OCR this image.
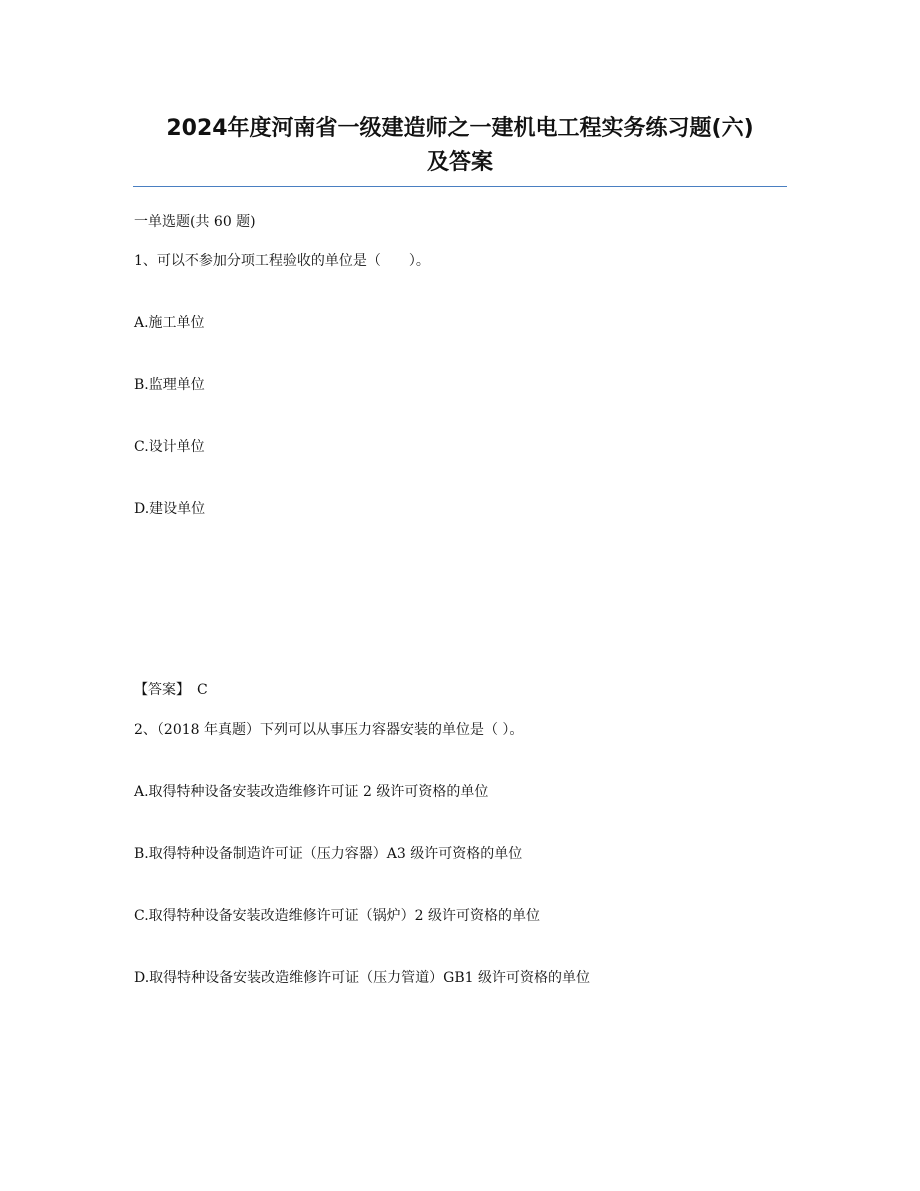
2024年度河南省一级建造师之一建机电工程实务练习题(六)
及答案
一单选题(共 60 题)
1、可以不参加分项工程验收的单位是（　　）。
A.施工单位
B.监理单位
C.设计单位
D.建设单位
【答案】　C
2、（2018 年真题）下列可以从事压力容器安装的单位是（ ）。
A.取得特种设备安装改造维修许可证 2 级许可资格的单位
B.取得特种设备制造许可证（压力容器）A3 级许可资格的单位
C.取得特种设备安装改造维修许可证（锅炉）2 级许可资格的单位
D.取得特种设备安装改造维修许可证（压力管道）GB1 级许可资格的单位
